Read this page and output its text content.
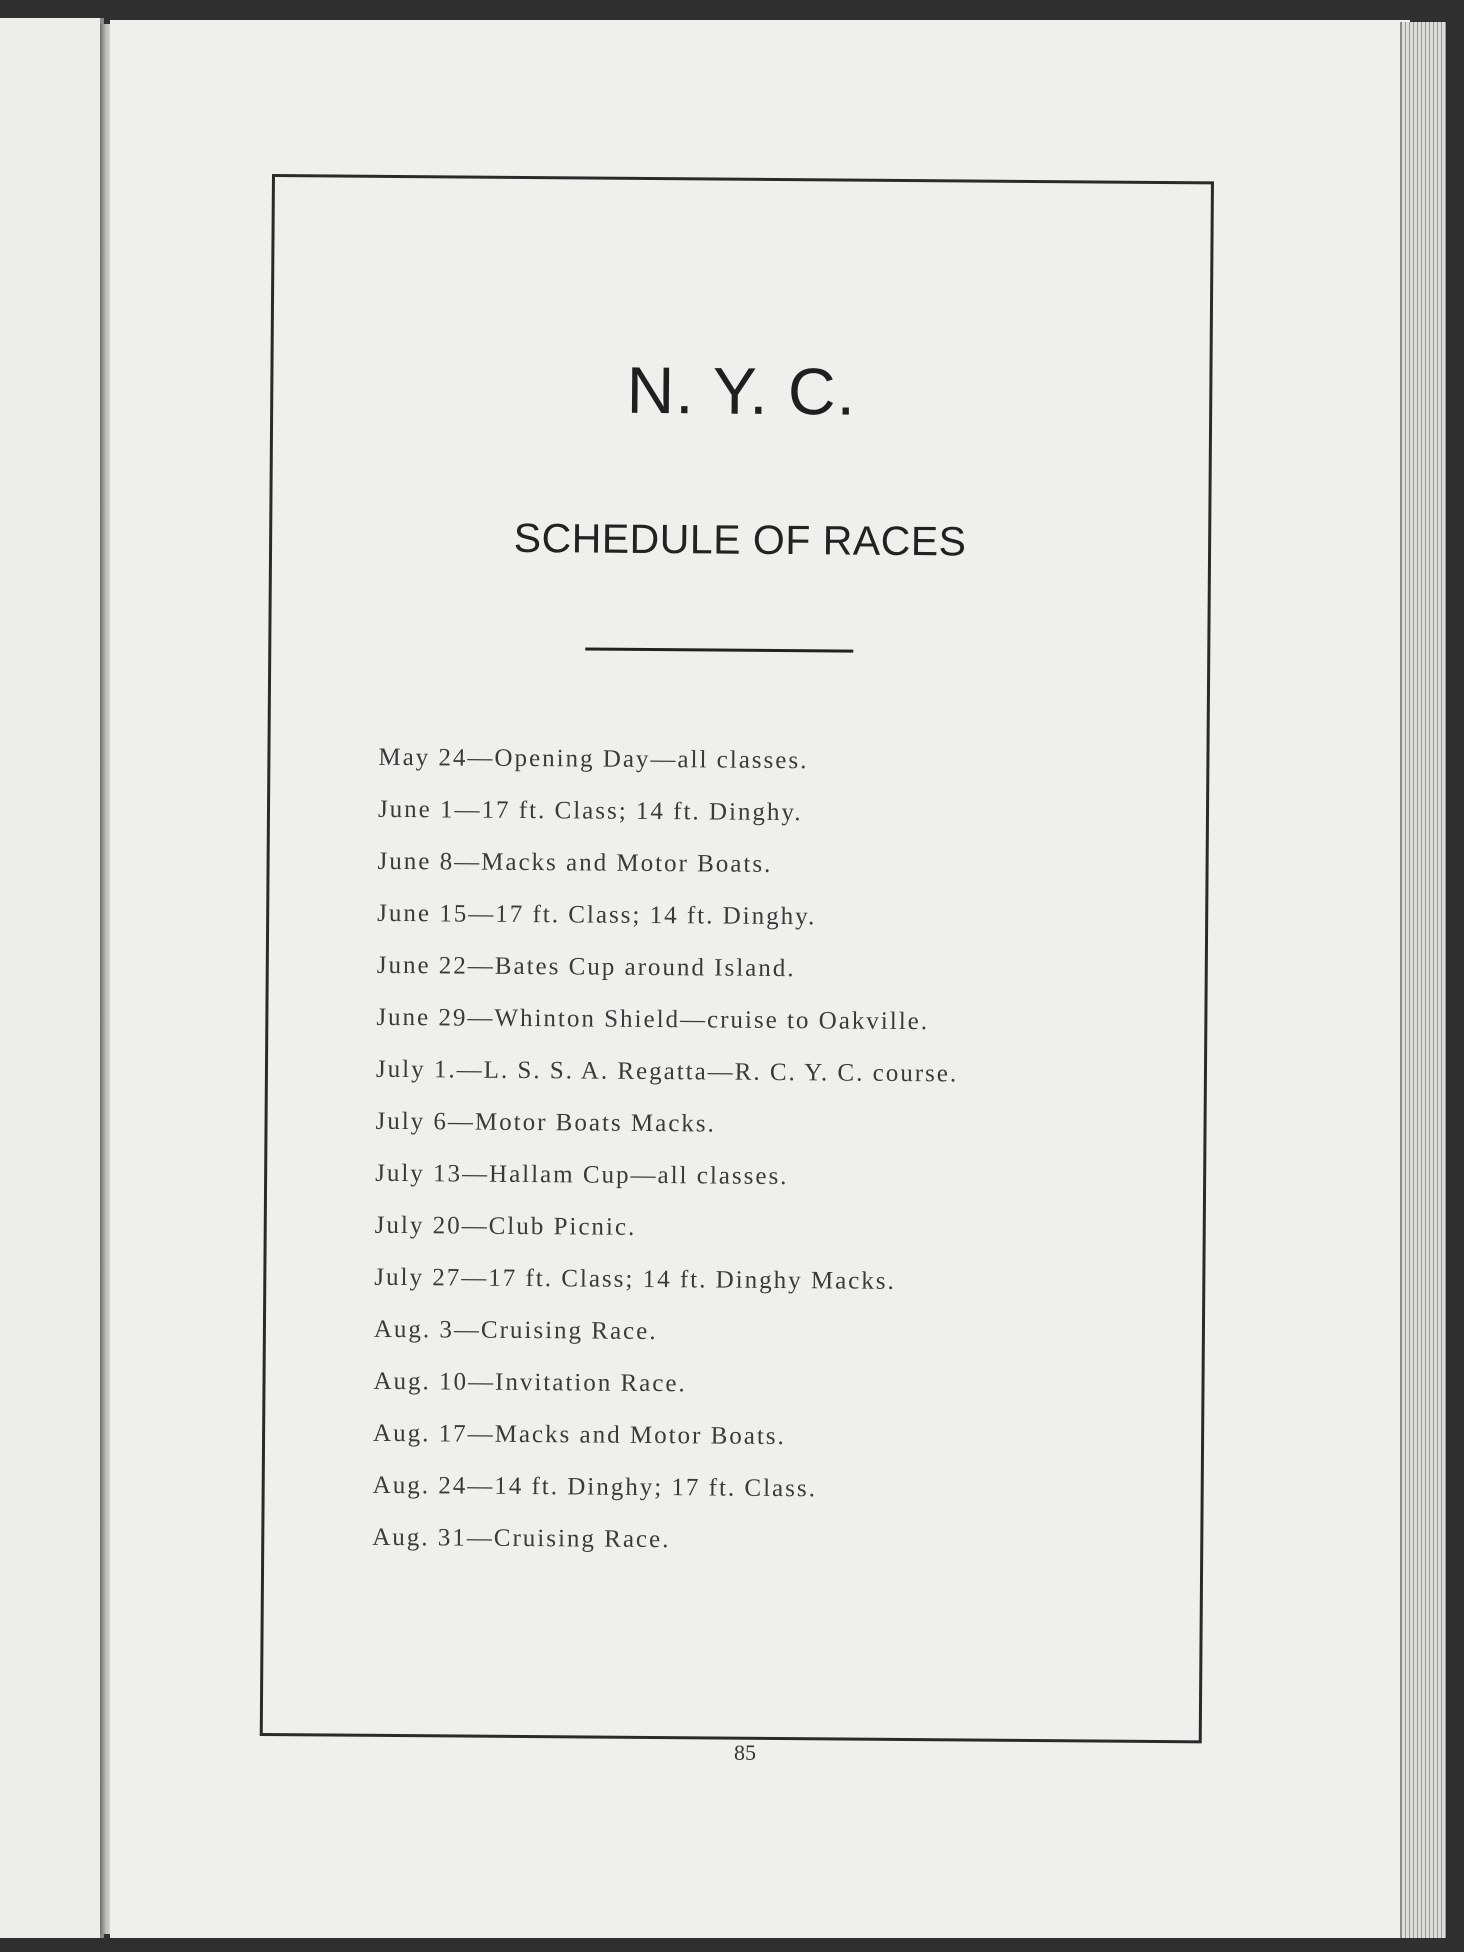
N. Y. C.
SCHEDULE OF RACES
May 24—Opening Day—all classes.
June 1—17 ft. Class; 14 ft. Dinghy.
June 8—Macks and Motor Boats.
June 15—17 ft. Class; 14 ft. Dinghy.
June 22—Bates Cup around Island.
June 29—Whinton Shield—cruise to Oakville.
July 1.—L. S. S. A. Regatta—R. C. Y. C. course.
July 6—Motor Boats Macks.
July 13—Hallam Cup—all classes.
July 20—Club Picnic.
July 27—17 ft. Class; 14 ft. Dinghy Macks.
Aug. 3—Cruising Race.
Aug. 10—Invitation Race.
Aug. 17—Macks and Motor Boats.
Aug. 24—14 ft. Dinghy; 17 ft. Class.
Aug. 31—Cruising Race.
85
